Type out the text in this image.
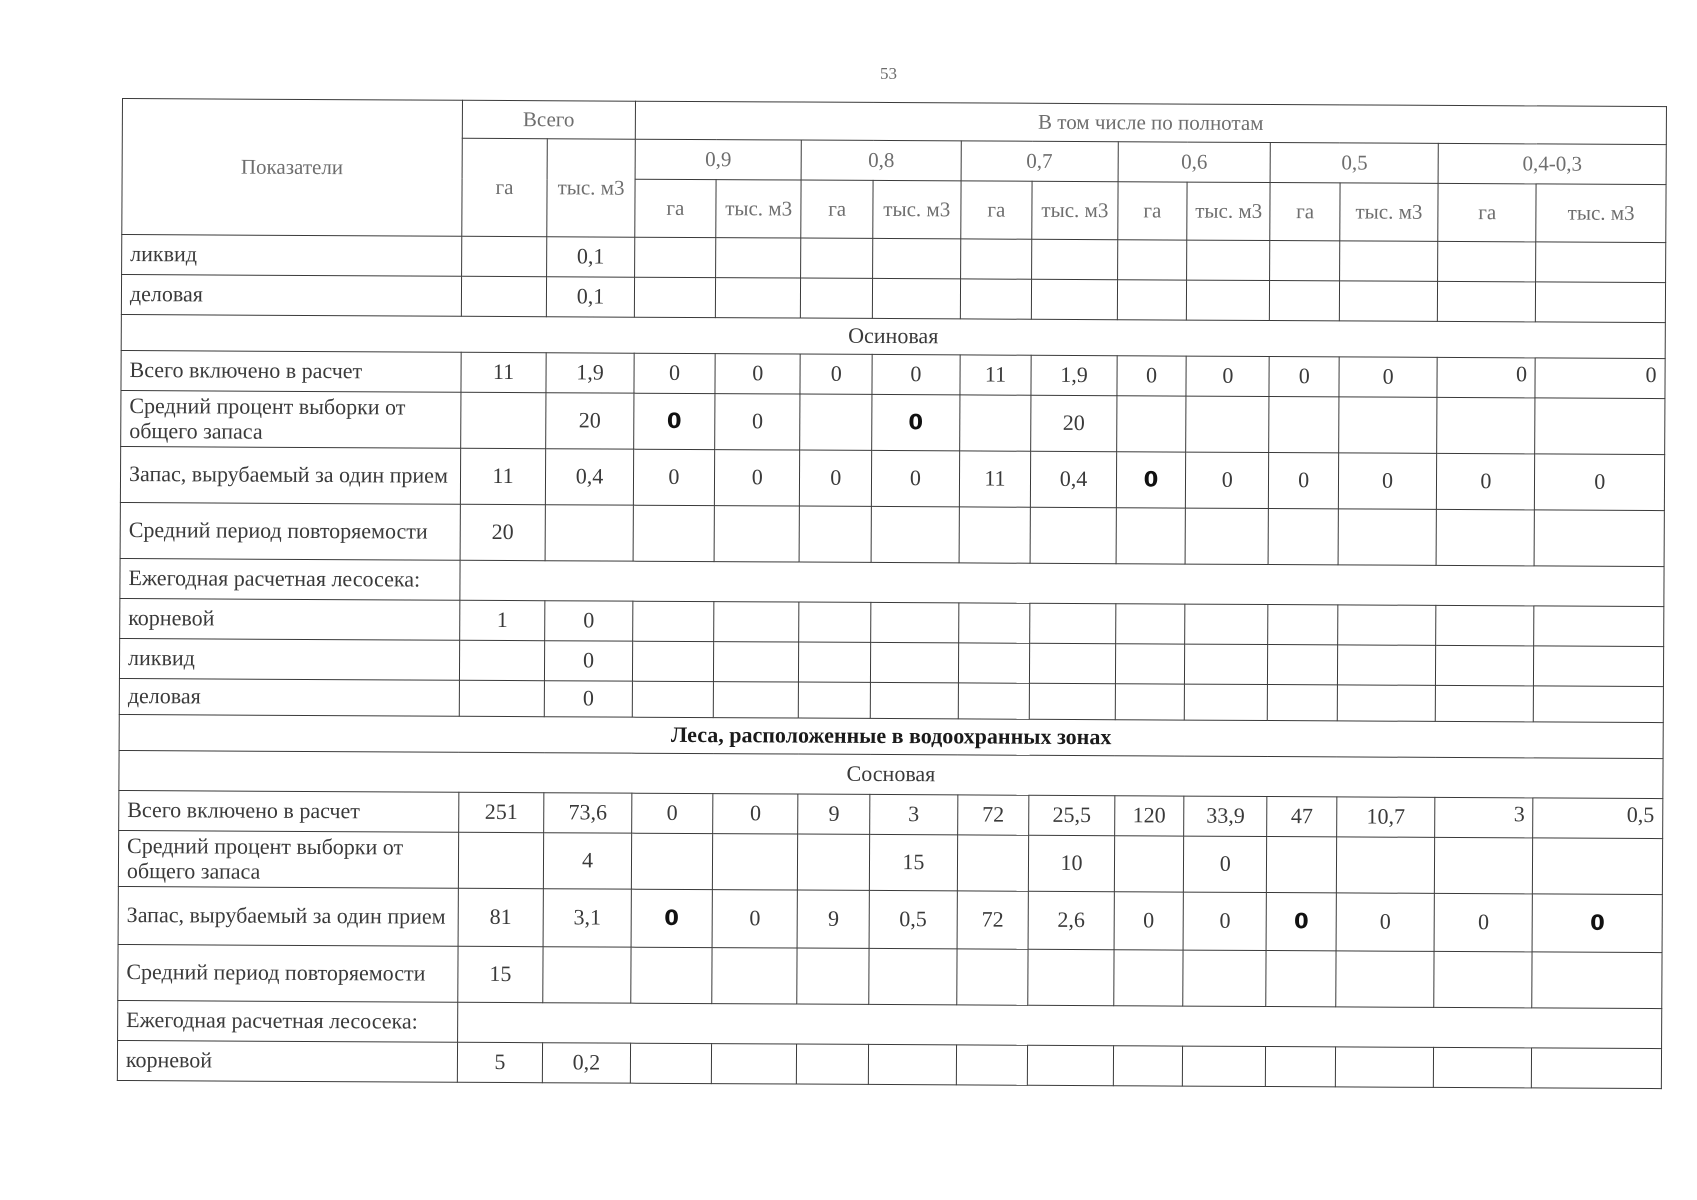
53
Показатели	Всего		В том числе по полнотам											
	га	тыс. м3	0,9		0,8		0,7		0,6		0,5		0,4-0,3	
			га	тыс. м3	га	тыс. м3	га	тыс. м3	га	тыс. м3	га	тыс. м3	га	тыс. м3
ликвид		0,1												
деловая		0,1												
Осиновая														
Всего включено в расчет	11	1,9	0	0	0	0	11	1,9	0	0	0	0	0	0
Средний процент выборки от общего запаса		20	0	0		0		20						
Запас, вырубаемый за один прием	11	0,4	0	0	0	0	11	0,4	0	0	0	0	0	0
Средний период повторяемости	20													
Ежегодная расчетная лесосека:														
корневой	1	0												
ликвид		0												
деловая		0												
Леса, расположенные в водоохранных зонах														
Сосновая														
Всего включено в расчет	251	73,6	0	0	9	3	72	25,5	120	33,9	47	10,7	3	0,5
Средний процент выборки от общего запаса		4				15		10		0				
Запас, вырубаемый за один прием	81	3,1	0	0	9	0,5	72	2,6	0	0	0	0	0	0
Средний период повторяемости	15													
Ежегодная расчетная лесосека:														
корневой	5	0,2												
